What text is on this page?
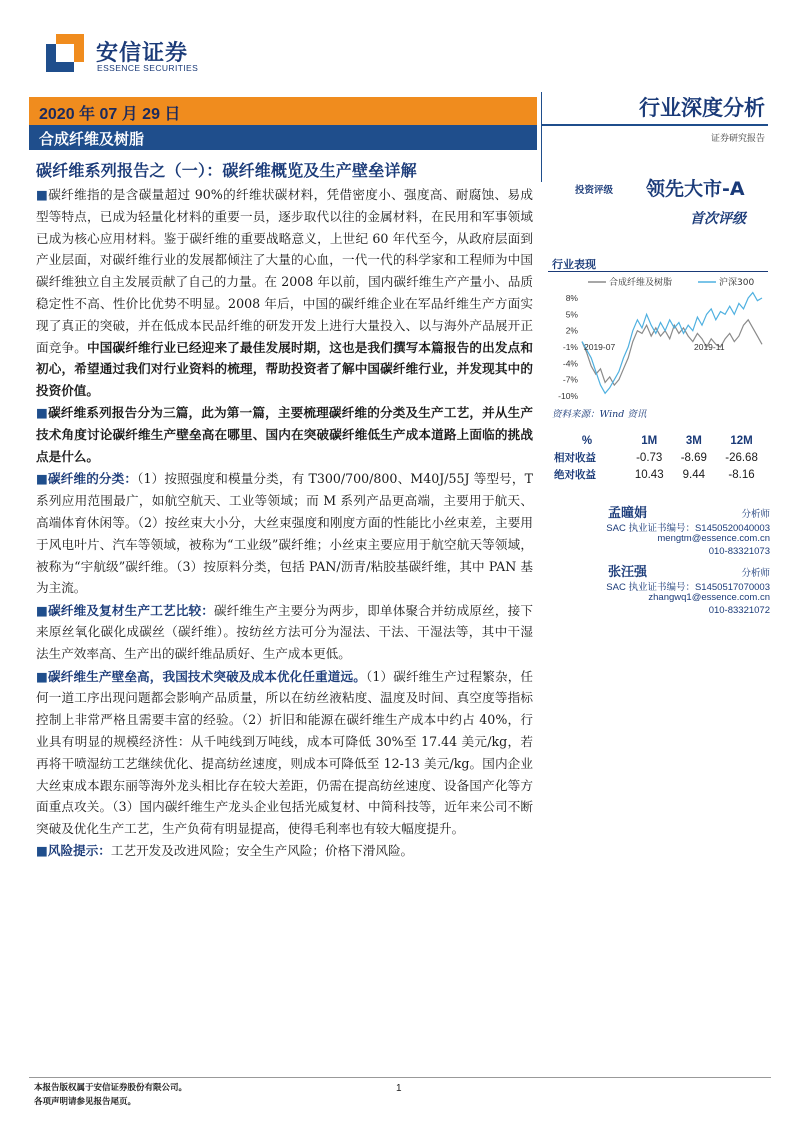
安信证券
ESSENCE SECURITIES
2020 年 07 月 29 日
合成纤维及树脂
行业深度分析
证券研究报告
碳纤维系列报告之（一）：碳纤维概览及生产壁垒详解
■碳纤维指的是含碳量超过 90%的纤维状碳材料，凭借密度小、强度高、耐腐蚀、易成型等特点，已成为轻量化材料的重要一员，逐步取代以往的金属材料，在民用和军事领域已成为核心应用材料。鉴于碳纤维的重要战略意义，上世纪 60 年代至今，从政府层面到产业层面，对碳纤维行业的发展都倾注了大量的心血，一代一代的科学家和工程师为中国碳纤维独立自主发展贡献了自己的力量。在 2008 年以前，国内碳纤维生产产量小、品质稳定性不高、性价比优势不明显。2008 年后，中国的碳纤维企业在军品纤维生产方面实现了真正的突破，并在低成本民品纤维的研发开发上进行大量投入、以与海外产品展开正面竞争。中国碳纤维行业已经迎来了最佳发展时期，这也是我们撰写本篇报告的出发点和初心，希望通过我们对行业资料的梳理，帮助投资者了解中国碳纤维行业，并发现其中的投资价值。
■碳纤维系列报告分为三篇，此为第一篇，主要梳理碳纤维的分类及生产工艺，并从生产技术角度讨论碳纤维生产壁垒高在哪里、国内在突破碳纤维低生产成本道路上面临的挑战点是什么。
■碳纤维的分类：（1）按照强度和模量分类，有 T300/700/800、M40J/55J 等型号，T 系列应用范围最广，如航空航天、工业等领域；而 M 系列产品更高端，主要用于航天、高端体育休闲等。（2）按丝束大小分，大丝束强度和刚度方面的性能比小丝束差，主要用于风电叶片、汽车等领域，被称为“工业级”碳纤维；小丝束主要应用于航空航天等领域，被称为“宇航级”碳纤维。（3）按原料分类，包括 PAN/沥青/粘胶基碳纤维，其中 PAN 基为主流。
■碳纤维及复材生产工艺比较：碳纤维生产主要分为两步，即单体聚合并纺成原丝，接下来原丝氧化碳化成碳丝（碳纤维）。按纺丝方法可分为湿法、干法、干湿法等，其中干湿法生产效率高、生产出的碳纤维品质好、生产成本更低。
■碳纤维生产壁垒高，我国技术突破及成本优化任重道远。（1）碳纤维生产过程繁杂，任何一道工序出现问题都会影响产品质量，所以在纺丝液粘度、温度及时间、真空度等指标控制上非常严格且需要丰富的经验。（2）折旧和能源在碳纤维生产成本中约占 40%，行业具有明显的规模经济性：从千吨线到万吨线，成本可降低 30%至 17.44 美元/kg，若再将干喷湿纺工艺继续优化、提高纺丝速度，则成本可降低至 12-13 美元/kg。国内企业大丝束成本跟东丽等海外龙头相比存在较大差距，仍需在提高纺丝速度、设备国产化等方面重点攻关。（3）国内碳纤维生产龙头企业包括光威复材、中简科技等，近年来公司不断突破及优化生产工艺，生产负荷有明显提高，使得毛利率也有较大幅度提升。
■风险提示：工艺开发及改进风险；安全生产风险；价格下滑风险。
投资评级 领先大市-A
首次评级
行业表现
合成纤维及树脂	沪深300
8%
5%
2%
-1%
-4%
-7%
-10%
2019-07	2019-11
资料来源：Wind 资讯
%	1M	3M	12M
相对收益	-0.73	-8.69	-26.68
绝对收益	10.43	9.44	-8.16
孟曈娟	分析师
SAC 执业证书编号：S1450520040003
mengtm@essence.com.cn
010-83321073
张汪强	分析师
SAC 执业证书编号：S1450517070003
zhangwq1@essence.com.cn
010-83321072
本报告版权属于安信证券股份有限公司。
各项声明请参见报告尾页。
1
